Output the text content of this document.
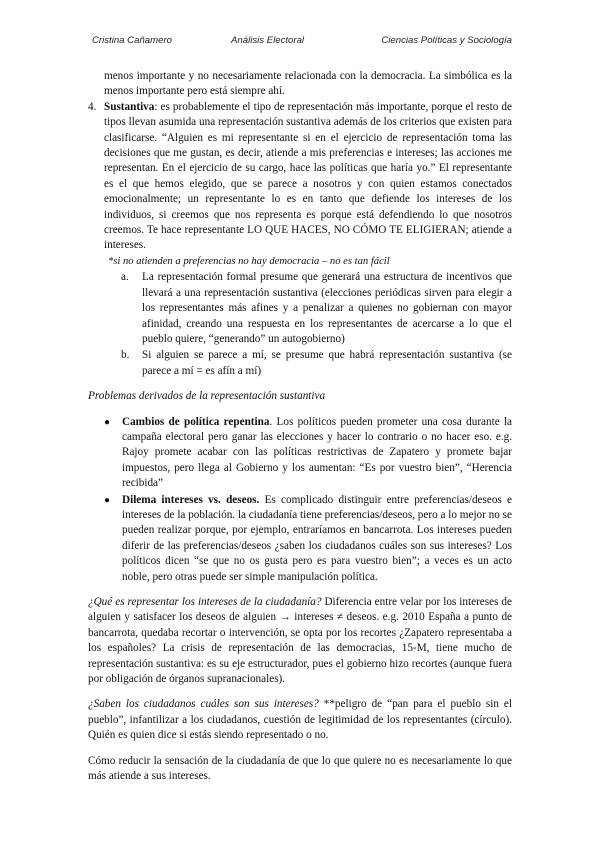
Cristina Cañamero	Análisis Electoral	Ciencias Políticas y Sociología

menos importante y no necesariamente relacionada con la democracia. La simbólica es la menos importante pero está siempre ahí.

4. Sustantiva: es probablemente el tipo de representación más importante, porque el resto de tipos llevan asumida una representación sustantiva además de los criterios que existen para clasificarse. “Alguien es mi representante si en el ejercicio de representación toma las decisiones que me gustan, es decir, atiende a mis preferencias e intereses; las acciones me representan. En el ejercicio de su cargo, hace las políticas que haría yo.” El representante es el que hemos elegido, que se parece a nosotros y con quien estamos conectados emocionalmente; un representante lo es en tanto que defiende los intereses de los individuos, si creemos que nos representa es porque está defendiendo lo que nosotros creemos. Te hace representante LO QUE HACES, NO CÓMO TE ELIGIERAN; atiende a intereses.

*si no atienden a preferencias no hay democracia – no es tan fácil

a. La representación formal presume que generará una estructura de incentivos que llevará a una representación sustantiva (elecciones periódicas sirven para elegir a los representantes más afines y a penalizar a quienes no gobiernan con mayor afinidad, creando una respuesta en los representantes de acercarse a lo que el pueblo quiere, “generando” un autogobierno)
b. Si alguien se parece a mí, se presume que habrá representación sustantiva (se parece a mí = es afín a mí)

Problemas derivados de la representación sustantiva

● Cambios de política repentina. Los políticos pueden prometer una cosa durante la campaña electoral pero ganar las elecciones y hacer lo contrario o no hacer eso. e.g. Rajoy promete acabar con las políticas restrictivas de Zapatero y promete bajar impuestos, pero llega al Gobierno y los aumentan: “Es por vuestro bien”, “Herencia recibida”
● Dilema intereses vs. deseos. Es complicado distinguir entre preferencias/deseos e intereses de la población. la ciudadanía tiene preferencias/deseos, pero a lo mejor no se pueden realizar porque, por ejemplo, entraríamos en bancarrota. Los intereses pueden diferir de las preferencias/deseos ¿saben los ciudadanos cuáles son sus intereses? Los políticos dicen “se que no os gusta pero es para vuestro bien”; a veces es un acto noble, pero otras puede ser simple manipulación política.

¿Qué es representar los intereses de la ciudadanía? Diferencia entre velar por los intereses de alguien y satisfacer los deseos de alguien → intereses ≠ deseos. e.g. 2010 España a punto de bancarrota, quedaba recortar o intervención, se opta por los recortes ¿Zapatero representaba a los españoles? La crisis de representación de las democracias, 15-M, tiene mucho de representación sustantiva: es su eje estructurador, pues el gobierno hizo recortes (aunque fuera por obligación de órganos supranacionales).

¿Saben los ciudadanos cuáles son sus intereses? **peligro de “pan para el pueblo sin el pueblo”, infantilizar a los ciudadanos, cuestión de legitimidad de los representantes (círculo). Quién es quien dice si estás siendo representado o no.

Cómo reducir la sensación de la ciudadanía de que lo que quiere no es necesariamente lo que más atiende a sus intereses.
